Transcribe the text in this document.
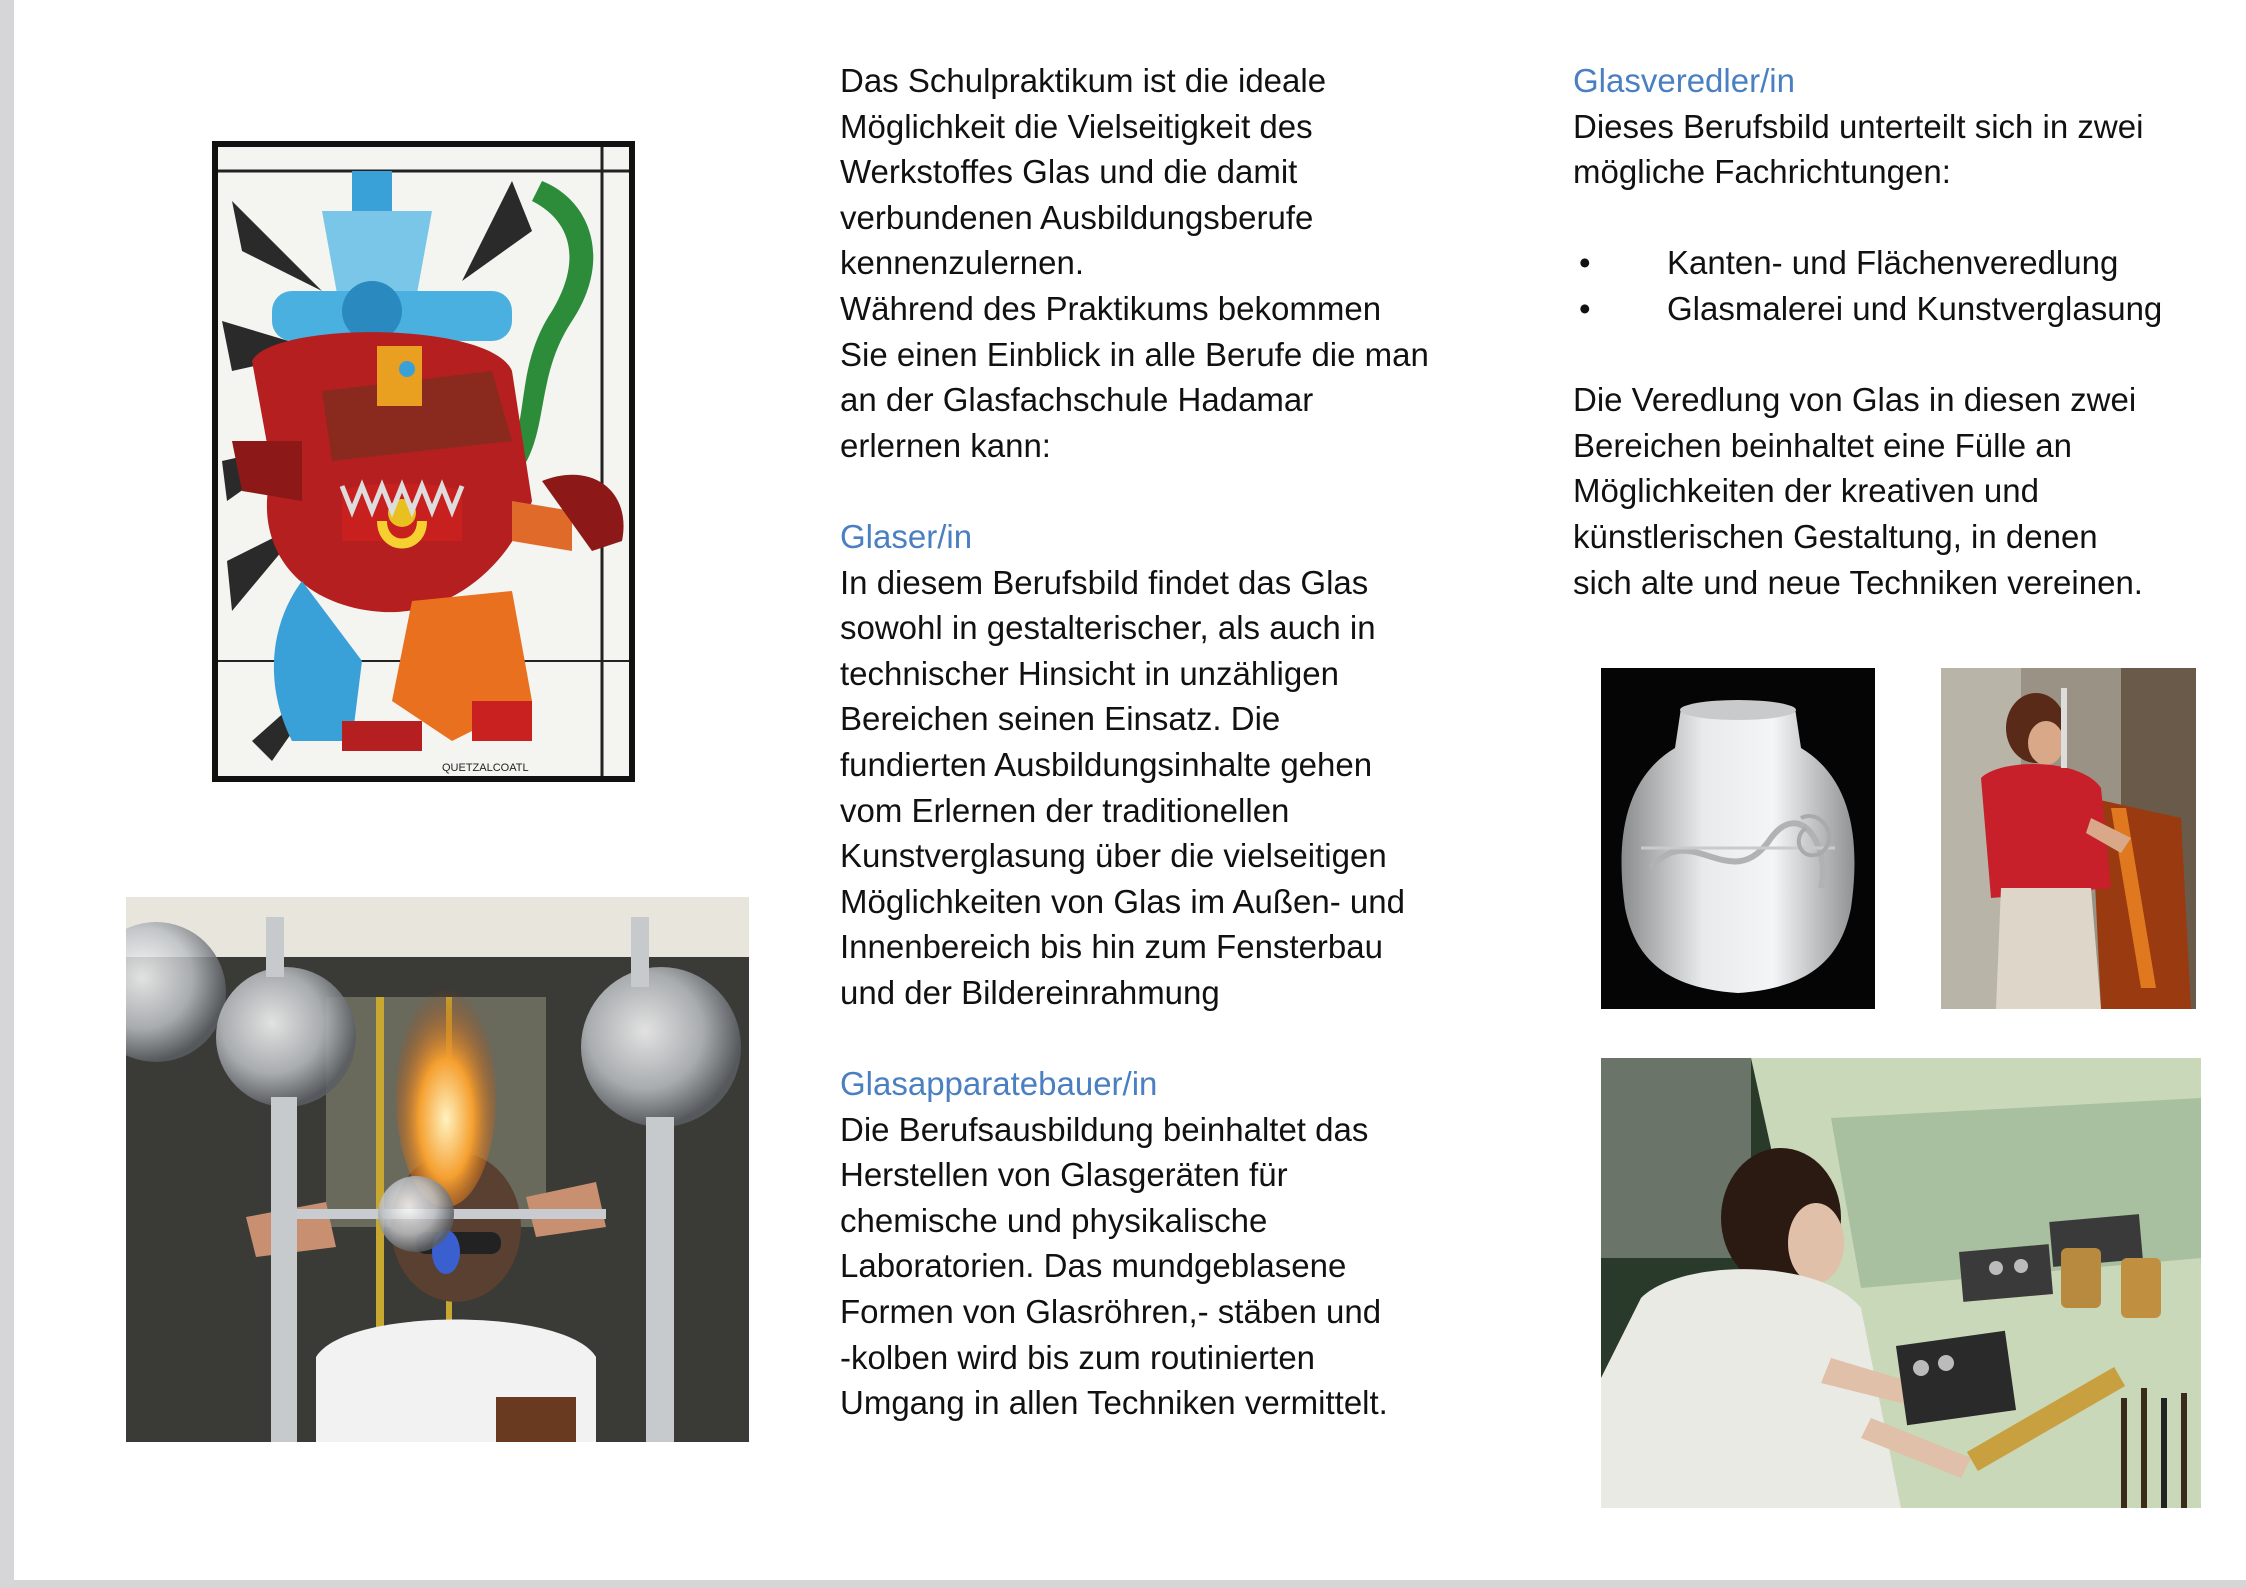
QUETZALCOATL
Das Schulpraktikum ist die ideale
Möglichkeit die Vielseitigkeit des
Werkstoffes Glas und die damit
verbundenen Ausbildungsberufe
kennenzulernen.
Während des Praktikums bekommen
Sie einen Einblick in alle Berufe die man
an der Glasfachschule Hadamar
erlernen kann:
Glaser/in
In diesem Berufsbild findet das Glas
sowohl in gestalterischer, als auch in
technischer Hinsicht in unzähligen
Bereichen seinen Einsatz. Die
fundierten Ausbildungsinhalte gehen
vom Erlernen der traditionellen
Kunstverglasung über die vielseitigen
Möglichkeiten von Glas im Außen- und
Innenbereich bis hin zum Fensterbau
und der Bildereinrahmung
Glasapparatebauer/in
Die Berufsausbildung beinhaltet das
Herstellen von Glasgeräten für
chemische und physikalische
Laboratorien. Das mundgeblasene
Formen von Glasröhren,- stäben und
-kolben wird bis zum routinierten
Umgang in allen Techniken vermittelt.
Glasveredler/in
Dieses Berufsbild unterteilt sich in zwei
mögliche Fachrichtungen:
• Kanten- und Flächenveredlung
• Glasmalerei und Kunstverglasung
Die Veredlung von Glas in diesen zwei
Bereichen beinhaltet eine Fülle an
Möglichkeiten der kreativen und
künstlerischen Gestaltung, in denen
sich alte und neue Techniken vereinen.
